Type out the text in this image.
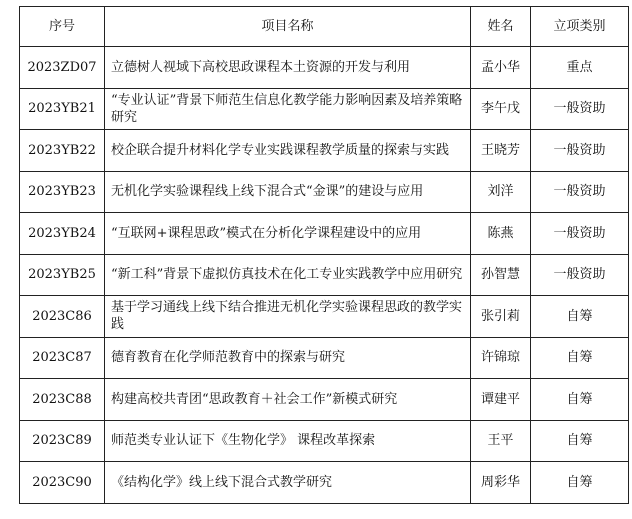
序号	项目名称	姓名	立项类别
2023ZD07	立德树人视域下高校思政课程本土资源的开发与利用	孟小华	重点
2023YB21	“专业认证”背景下师范生信息化教学能力影响因素及培养策略研究	李午戊	一般资助
2023YB22	校企联合提升材料化学专业实践课程教学质量的探索与实践	王晓芳	一般资助
2023YB23	无机化学实验课程线上线下混合式“金课”的建设与应用	刘洋	一般资助
2023YB24	“互联网+课程思政”模式在分析化学课程建设中的应用	陈燕	一般资助
2023YB25	“新工科”背景下虚拟仿真技术在化工专业实践教学中应用研究	孙智慧	一般资助
2023C86	基于学习通线上线下结合推进无机化学实验课程思政的教学实践	张引莉	自筹
2023C87	德育教育在化学师范教育中的探索与研究	许锦琼	自筹
2023C88	构建高校共青团“思政教育＋社会工作”新模式研究	谭建平	自筹
2023C89	师范类专业认证下《生物化学》 课程改革探索	王平	自筹
2023C90	《结构化学》线上线下混合式教学研究	周彩华	自筹
